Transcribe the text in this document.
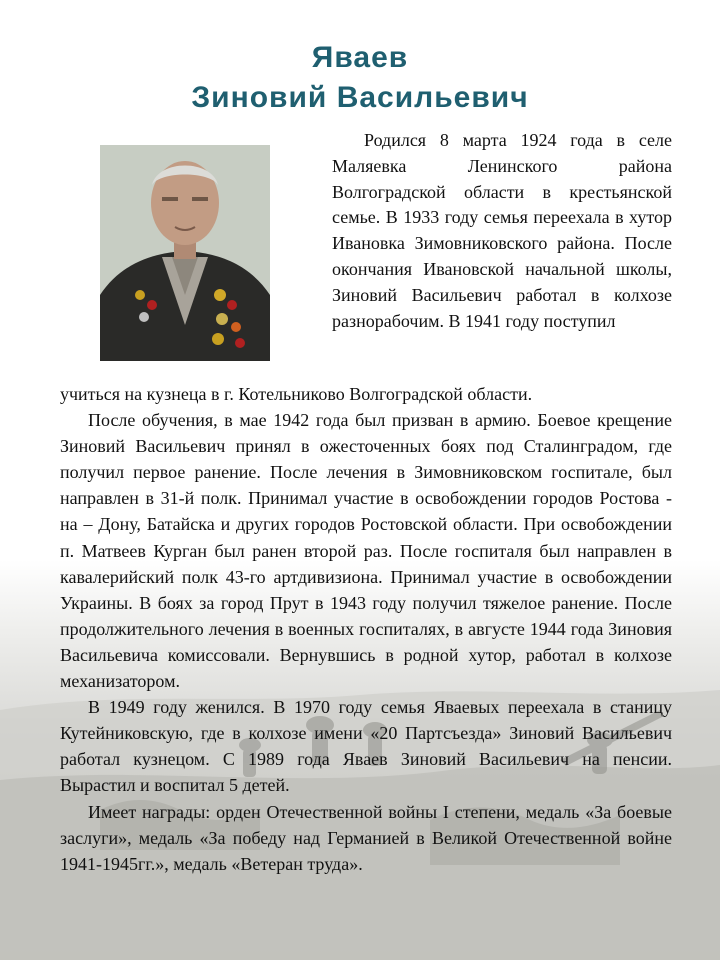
Яваев
Зиновий Васильевич

Родился 8 марта 1924 года в селе Маляевка Ленинского района Волгоградской области в крестьянской семье. В 1933 году семья переехала в хутор Ивановка Зимовниковского района. После окончания Ивановской начальной школы, Зиновий Васильевич работал в колхозе разнорабочим. В 1941 году поступил

учиться на кузнеца в г. Котельниково Волгоградской области.

После обучения, в мае 1942 года был призван в армию. Боевое крещение Зиновий Васильевич принял в ожесточенных боях под Сталинградом, где получил первое ранение. После лечения в Зимовниковском госпитале, был направлен в 31-й полк. Принимал участие в освобождении городов Ростова - на – Дону, Батайска и других городов Ростовской области. При освобождении п. Матвеев Курган был ранен второй раз. После госпиталя был направлен в кавалерийский полк 43-го артдивизиона. Принимал участие в освобождении Украины. В боях за город Прут в 1943 году получил тяжелое ранение. После продолжительного лечения в военных госпиталях, в августе 1944 года Зиновия Васильевича комиссовали. Вернувшись в родной хутор, работал в колхозе механизатором.

В 1949 году женился. В 1970 году семья Яваевых переехала в станицу Кутейниковскую, где в колхозе имени «20 Партсъезда» Зиновий Васильевич работал кузнецом. С 1989 года Яваев Зиновий Васильевич на пенсии. Вырастил и воспитал 5 детей.

Имеет награды: орден Отечественной войны I степени, медаль «За боевые заслуги», медаль «За победу над Германией в Великой Отечественной войне 1941-1945гг.», медаль «Ветеран труда».
